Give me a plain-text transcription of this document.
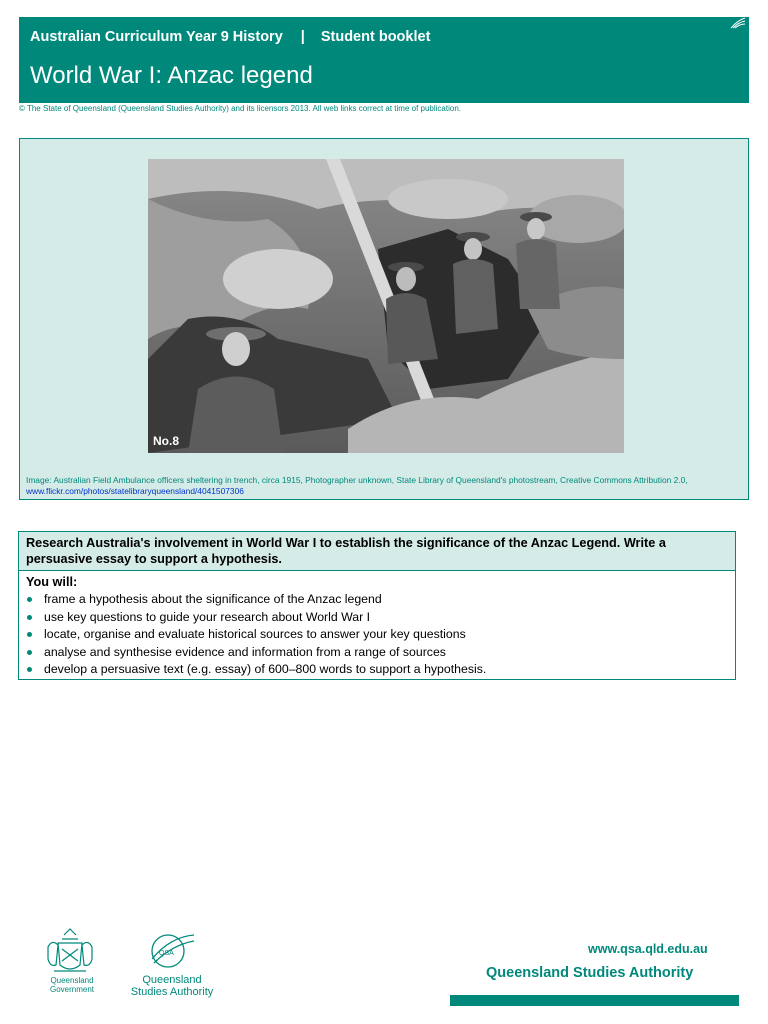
Australian Curriculum Year 9 History | Student booklet
World War I: Anzac legend
© The State of Queensland (Queensland Studies Authority) and its licensors 2013. All web links correct at time of publication.
No.8
Image: Australian Field Ambulance officers sheltering in trench, circa 1915, Photographer unknown, State Library of Queensland's photostream, Creative Commons Attribution 2.0,
www.flickr.com/photos/statelibraryqueensland/4041507306
Research Australia's involvement in World War I to establish the significance of the Anzac Legend. Write a persuasive essay to support a hypothesis.
You will:
frame a hypothesis about the significance of the Anzac legend
use key questions to guide your research about World War I
locate, organise and evaluate historical sources to answer your key questions
analyse and synthesise evidence and information from a range of sources
develop a persuasive text (e.g. essay) of 600–800 words to support a hypothesis.
QSA
Queensland
Government
Queensland Studies Authority
www.qsa.qld.edu.au
Queensland Studies Authority
